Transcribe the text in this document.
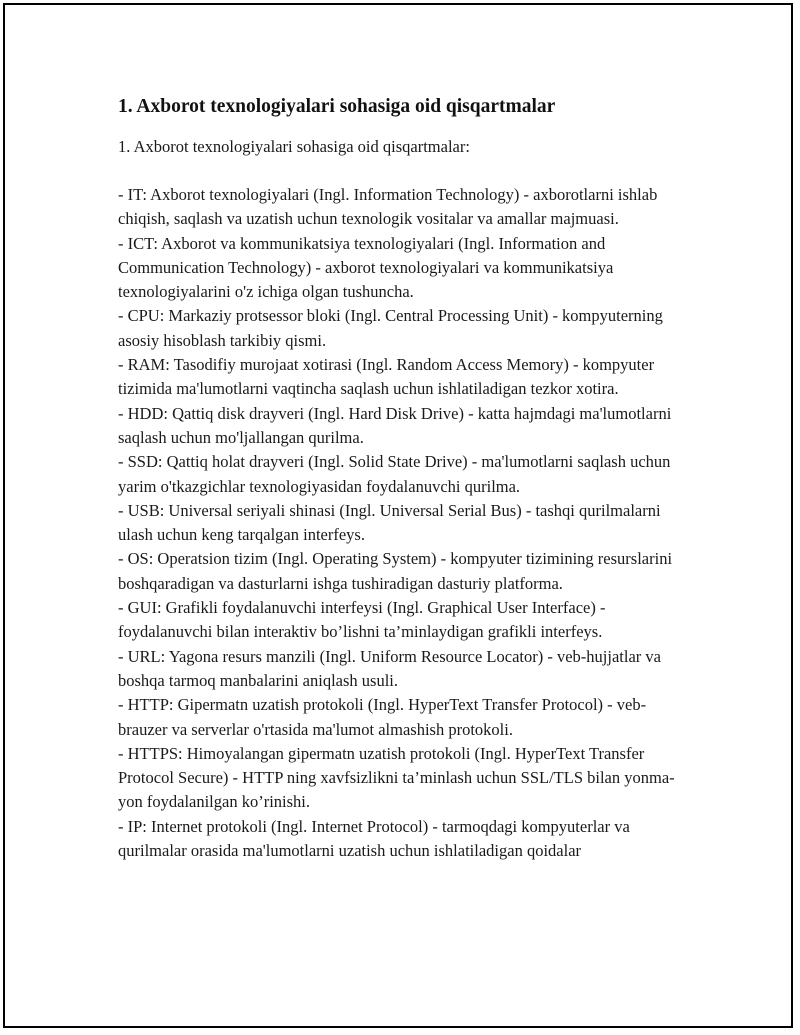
1. Axborot texnologiyalari sohasiga oid qisqartmalar

1. Axborot texnologiyalari sohasiga oid qisqartmalar:

- IT: Axborot texnologiyalari (Ingl. Information Technology) - axborotlarni ishlab chiqish, saqlash va uzatish uchun texnologik vositalar va amallar majmuasi.
- ICT: Axborot va kommunikatsiya texnologiyalari (Ingl. Information and Communication Technology) - axborot texnologiyalari va kommunikatsiya texnologiyalarini o'z ichiga olgan tushuncha.
- CPU: Markaziy protsessor bloki (Ingl. Central Processing Unit) - kompyuterning asosiy hisoblash tarkibiy qismi.
- RAM: Tasodifiy murojaat xotirasi (Ingl. Random Access Memory) - kompyuter tizimida ma'lumotlarni vaqtincha saqlash uchun ishlatiladigan tezkor xotira.
- HDD: Qattiq disk drayveri (Ingl. Hard Disk Drive) - katta hajmdagi ma'lumotlarni saqlash uchun mo'ljallangan qurilma.
- SSD: Qattiq holat drayveri (Ingl. Solid State Drive) - ma'lumotlarni saqlash uchun yarim o'tkazgichlar texnologiyasidan foydalanuvchi qurilma.
- USB: Universal seriyali shinasi (Ingl. Universal Serial Bus) - tashqi qurilmalarni ulash uchun keng tarqalgan interfeys.
- OS: Operatsion tizim (Ingl. Operating System) - kompyuter tizimining resurslarini boshqaradigan va dasturlarni ishga tushiradigan dasturiy platforma.
- GUI: Grafikli foydalanuvchi interfeysi (Ingl. Graphical User Interface) - foydalanuvchi bilan interaktiv bo’lishni ta’minlaydigan grafikli interfeys.
- URL: Yagona resurs manzili (Ingl. Uniform Resource Locator) - veb-hujjatlar va boshqa tarmoq manbalarini aniqlash usuli.
- HTTP: Gipermatn uzatish protokoli (Ingl. HyperText Transfer Protocol) - veb-brauzer va serverlar o'rtasida ma'lumot almashish protokoli.
- HTTPS: Himoyalangan gipermatn uzatish protokoli (Ingl. HyperText Transfer Protocol Secure) - HTTP ning xavfsizlikni ta’minlash uchun SSL/TLS bilan yonma-yon foydalanilgan ko’rinishi.
- IP: Internet protokoli (Ingl. Internet Protocol) - tarmoqdagi kompyuterlar va qurilmalar orasida ma'lumotlarni uzatish uchun ishlatiladigan qoidalar
